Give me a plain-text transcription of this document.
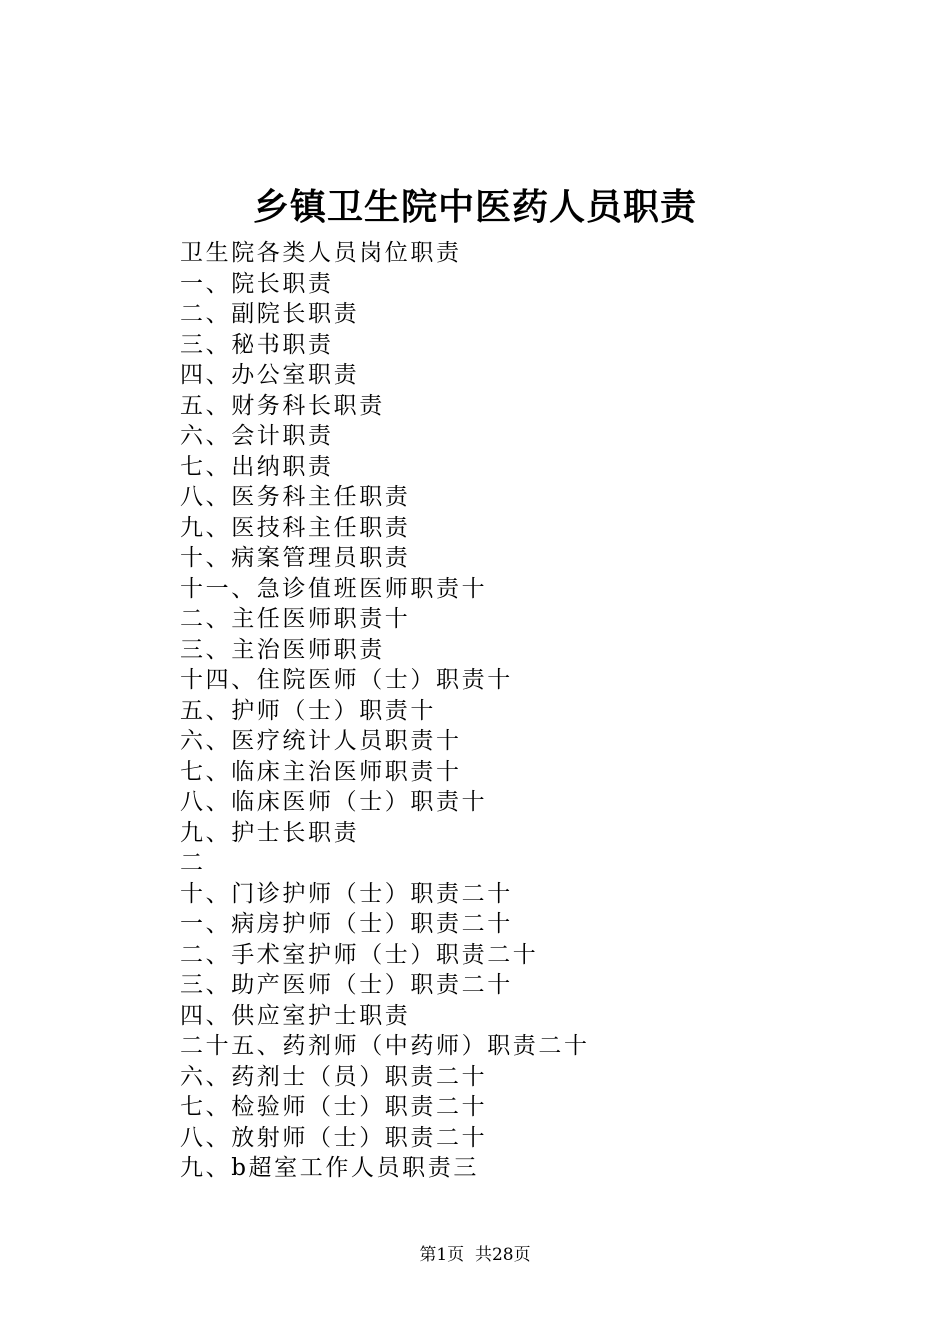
乡镇卫生院中医药人员职责
卫生院各类人员岗位职责
一、院长职责
二、副院长职责
三、秘书职责
四、办公室职责
五、财务科长职责
六、会计职责
七、出纳职责
八、医务科主任职责
九、医技科主任职责
十、病案管理员职责
十一、急诊值班医师职责十
二、主任医师职责十
三、主治医师职责
十四、住院医师（士）职责十
五、护师（士）职责十
六、医疗统计人员职责十
七、临床主治医师职责十
八、临床医师（士）职责十
九、护士长职责
二
十、门诊护师（士）职责二十
一、病房护师（士）职责二十
二、手术室护师（士）职责二十
三、助产医师（士）职责二十
四、供应室护士职责
二十五、药剂师（中药师）职责二十
六、药剂士（员）职责二十
七、检验师（士）职责二十
八、放射师（士）职责二十
九、b超室工作人员职责三
第1页  共28页
